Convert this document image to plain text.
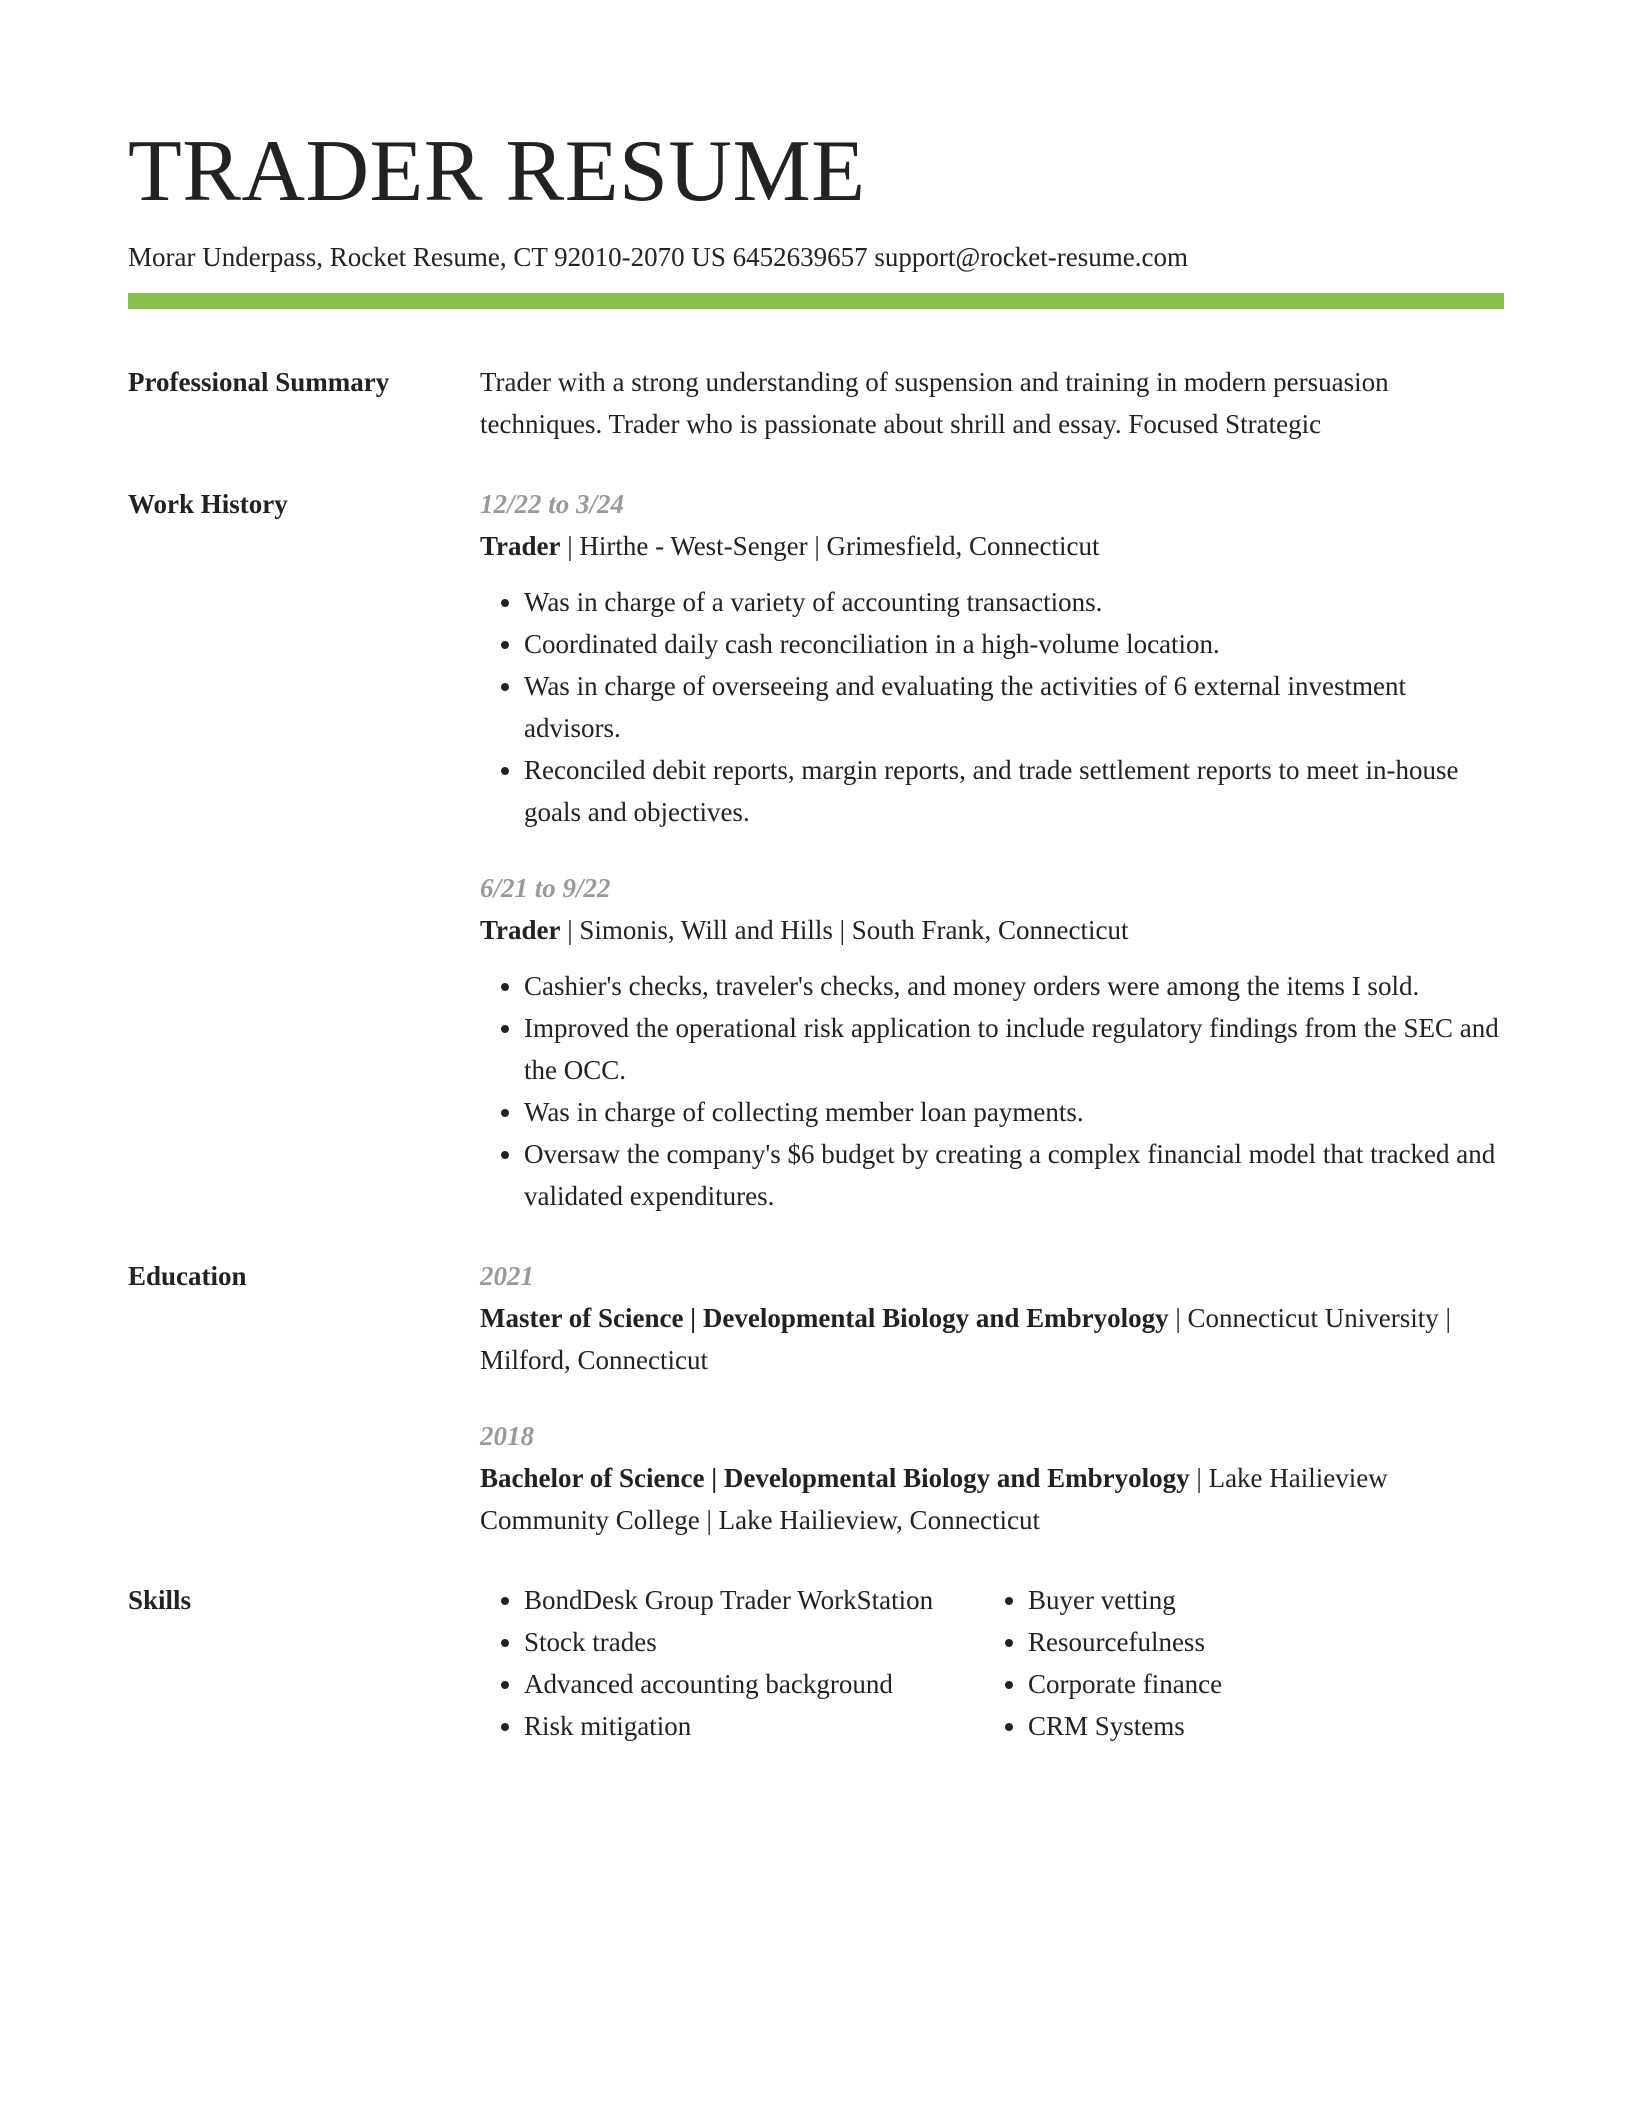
TRADER RESUME
Morar Underpass, Rocket Resume, CT 92010-2070 US 6452639657 support@rocket-resume.com
Professional Summary	Trader with a strong understanding of suspension and training in modern persuasion techniques. Trader who is passionate about shrill and essay. Focused Strategic

Work History	12/22 to 3/24

Trader | Hirthe - West-Senger | Grimesfield, Connecticut

• Was in charge of a variety of accounting transactions.
• Coordinated daily cash reconciliation in a high-volume location.
• Was in charge of overseeing and evaluating the activities of 6 external investment advisors.
• Reconciled debit reports, margin reports, and trade settlement reports to meet in-house goals and objectives.
6/21 to 9/22

Trader | Simonis, Will and Hills | South Frank, Connecticut

• Cashier's checks, traveler's checks, and money orders were among the items I sold.
• Improved the operational risk application to include regulatory findings from the SEC and the OCC.
• Was in charge of collecting member loan payments.
• Oversaw the company's $6 budget by creating a complex financial model that tracked and validated expenditures.
Education	2021

Master of Science | Developmental Biology and Embryology | Connecticut University | Milford, Connecticut

2018

Bachelor of Science | Developmental Biology and Embryology | Lake Hailieview Community College | Lake Hailieview, Connecticut

Skills
•	BondDesk Group Trader WorkStation
• Stock trades
• Advanced accounting background
• Risk mitigation
• Buyer vetting
• Resourcefulness
• Corporate finance
• CRM Systems
